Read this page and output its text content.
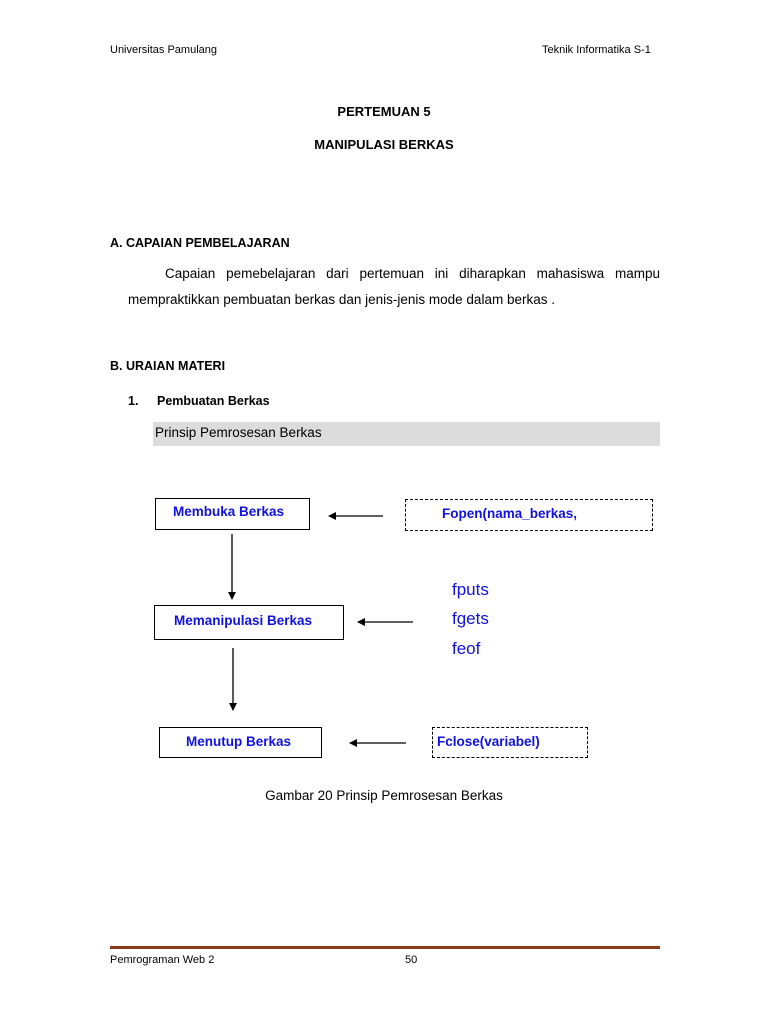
Universitas Pamulang	Teknik Informatika S-1
PERTEMUAN 5
MANIPULASI BERKAS
A. CAPAIAN PEMBELAJARAN
Capaian pemebelajaran dari pertemuan ini diharapkan mahasiswa mampu
mempraktikkan pembuatan berkas dan jenis-jenis mode dalam berkas .
B. URAIAN MATERI
1. Pembuatan Berkas
Prinsip Pemrosesan Berkas
Membuka Berkas
Memanipulasi Berkas
Menutup Berkas
Fopen(nama_berkas,
Fclose(variabel)
fputs
fgets
feof
Gambar 20 Prinsip Pemrosesan Berkas
Pemrograman Web 2	50
